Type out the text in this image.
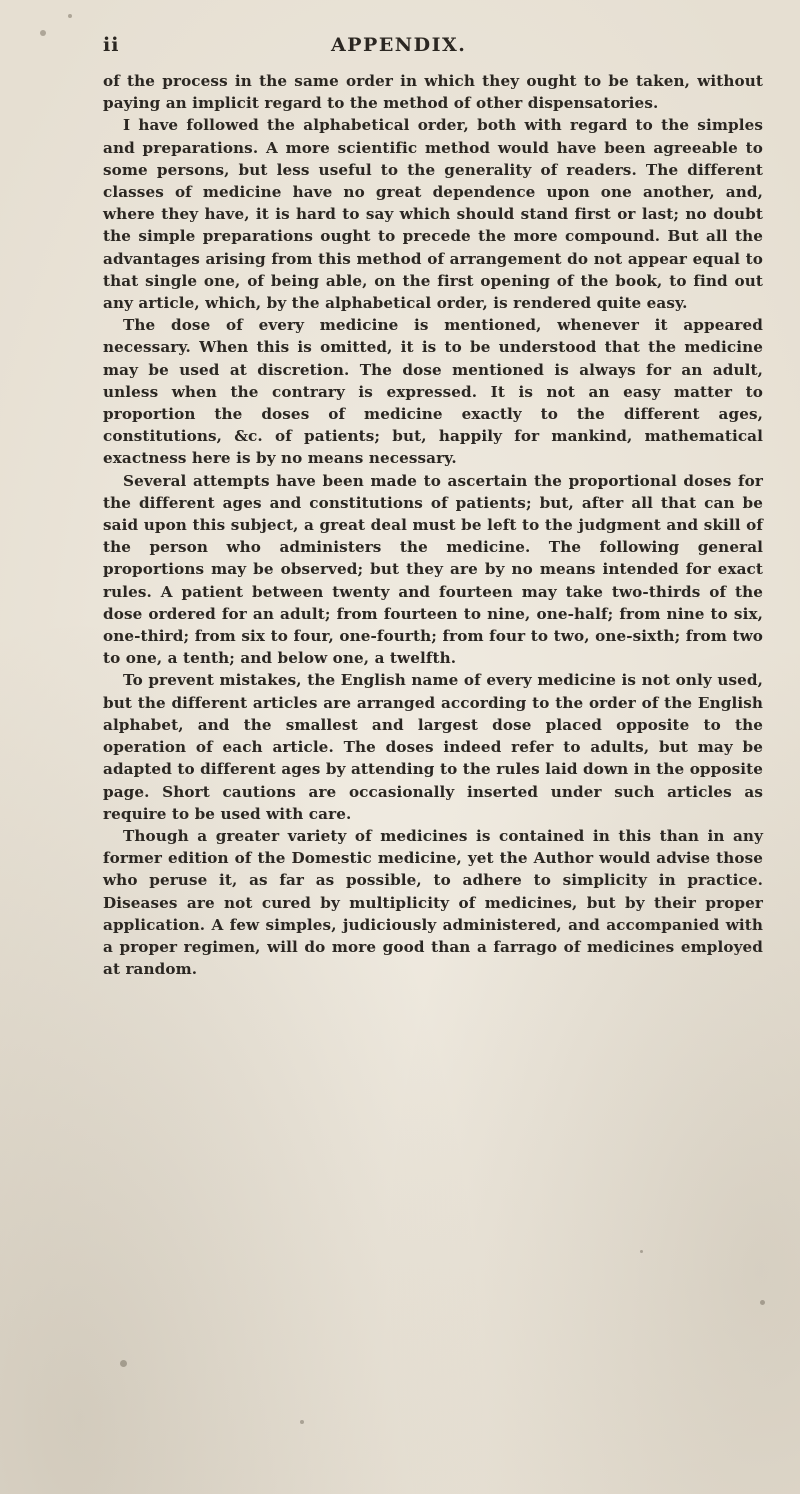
ii	APPENDIX.

of the process in the same order in which they ought to be taken, without paying an implicit regard to the method of other dispensatories.

I have followed the alphabetical order, both with regard to the simples and preparations. A more scientific method would have been agreeable to some persons, but less useful to the generality of readers. The different classes of medicine have no great dependence upon one another, and, where they have, it is hard to say which should stand first or last; no doubt the simple preparations ought to precede the more compound. But all the advantages arising from this method of arrangement do not appear equal to that single one, of being able, on the first opening of the book, to find out any article, which, by the alphabetical order, is rendered quite easy.

The dose of every medicine is mentioned, whenever it appeared necessary. When this is omitted, it is to be understood that the medicine may be used at discretion. The dose mentioned is always for an adult, unless when the contrary is expressed. It is not an easy matter to proportion the doses of medicine exactly to the different ages, constitutions, &c. of patients; but, happily for mankind, mathematical exactness here is by no means necessary.

Several attempts have been made to ascertain the proportional doses for the different ages and constitutions of patients; but, after all that can be said upon this subject, a great deal must be left to the judgment and skill of the person who administers the medicine. The following general proportions may be observed; but they are by no means intended for exact rules. A patient between twenty and fourteen may take two-thirds of the dose ordered for an adult; from fourteen to nine, one-half; from nine to six, one-third; from six to four, one-fourth; from four to two, one-sixth; from two to one, a tenth; and below one, a twelfth.

To prevent mistakes, the English name of every medicine is not only used, but the different articles are arranged according to the order of the English alphabet, and the smallest and largest dose placed opposite to the operation of each article. The doses indeed refer to adults, but may be adapted to different ages by attending to the rules laid down in the opposite page. Short cautions are occasionally inserted under such articles as require to be used with care.

Though a greater variety of medicines is contained in this than in any former edition of the Domestic medicine, yet the Author would advise those who peruse it, as far as possible, to adhere to simplicity in practice. Diseases are not cured by multiplicity of medicines, but by their proper application. A few simples, judiciously administered, and accompanied with a proper regimen, will do more good than a farrago of medicines employed at random.
